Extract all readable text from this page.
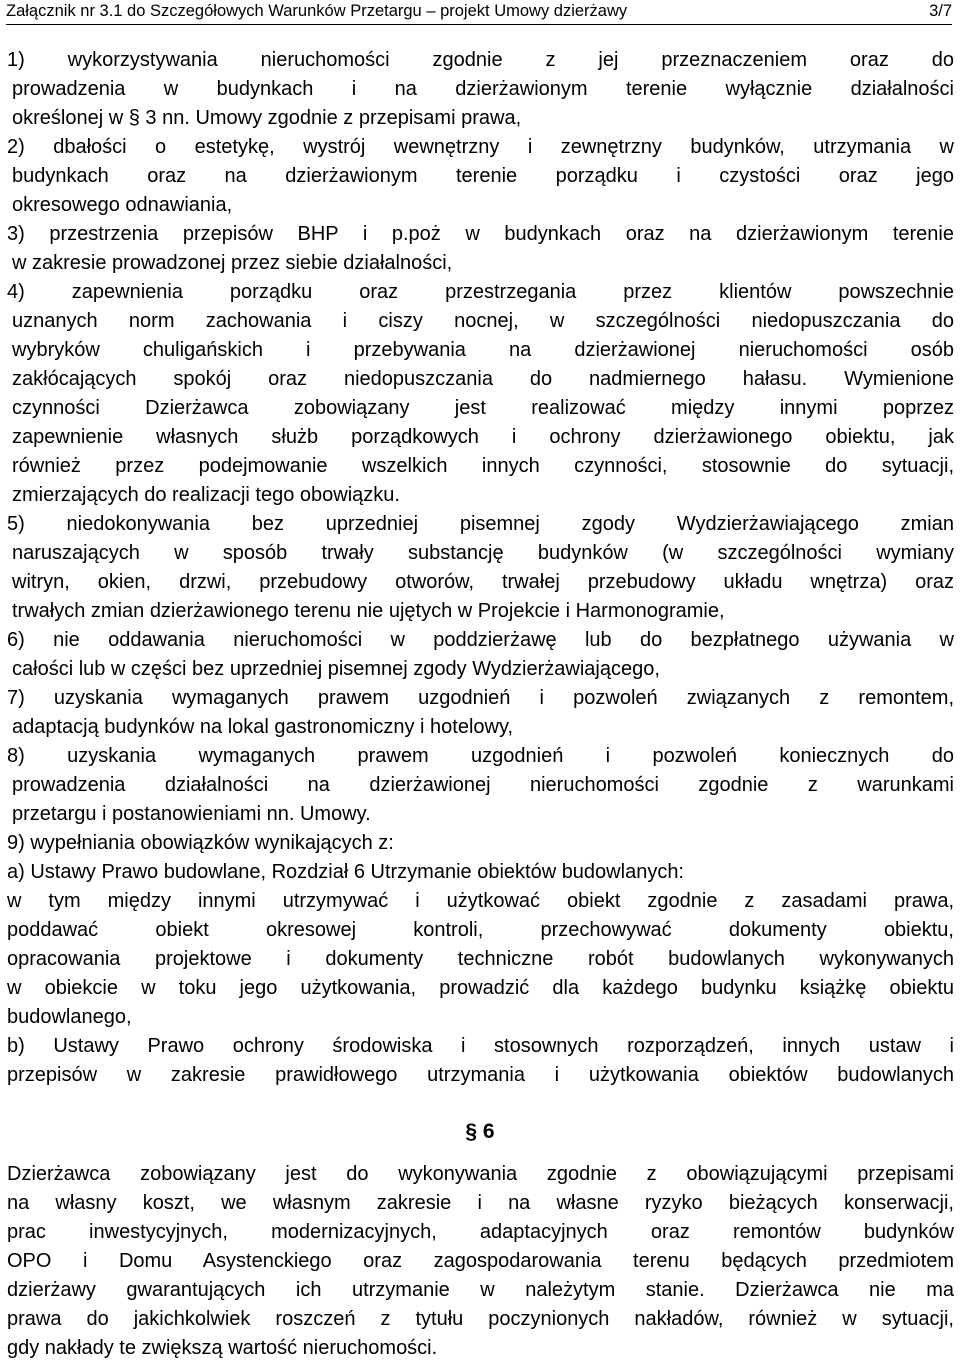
Załącznik nr 3.1 do Szczegółowych Warunków Przetargu – projekt Umowy dzierżawy	3/7
1) wykorzystywania nieruchomości zgodnie z jej przeznaczeniem oraz do
prowadzenia w budynkach i na dzierżawionym terenie wyłącznie działalności
określonej w § 3 nn. Umowy zgodnie z przepisami prawa,
2) dbałości o estetykę, wystrój wewnętrzny i zewnętrzny budynków, utrzymania w
budynkach oraz na dzierżawionym terenie porządku i czystości oraz jego
okresowego odnawiania,
3) przestrzenia przepisów BHP i p.poż w budynkach oraz na dzierżawionym terenie
w zakresie prowadzonej przez siebie działalności,
4) zapewnienia porządku oraz przestrzegania przez klientów powszechnie
uznanych norm zachowania i ciszy nocnej, w szczególności niedopuszczania do
wybryków chuligańskich i przebywania na dzierżawionej nieruchomości osób
zakłócających spokój oraz niedopuszczania do nadmiernego hałasu. Wymienione
czynności Dzierżawca zobowiązany jest realizować między innymi poprzez
zapewnienie własnych służb porządkowych i ochrony dzierżawionego obiektu, jak
również przez podejmowanie wszelkich innych czynności, stosownie do sytuacji,
zmierzających do realizacji tego obowiązku.
5) niedokonywania bez uprzedniej pisemnej zgody Wydzierżawiającego zmian
naruszających w sposób trwały substancję budynków (w szczególności wymiany
witryn, okien, drzwi, przebudowy otworów, trwałej przebudowy układu wnętrza) oraz
trwałych zmian dzierżawionego terenu nie ujętych w Projekcie i Harmonogramie,
6) nie oddawania nieruchomości w poddzierżawę lub do bezpłatnego używania w
całości lub w części bez uprzedniej pisemnej zgody Wydzierżawiającego,
7) uzyskania wymaganych prawem uzgodnień i pozwoleń związanych z remontem,
adaptacją budynków na lokal gastronomiczny i hotelowy,
8) uzyskania wymaganych prawem uzgodnień i pozwoleń koniecznych do
prowadzenia działalności na dzierżawionej nieruchomości zgodnie z warunkami
przetargu i postanowieniami nn. Umowy.
9) wypełniania obowiązków wynikających z:
a) Ustawy Prawo budowlane, Rozdział 6 Utrzymanie obiektów budowlanych:
w tym między innymi utrzymywać i użytkować obiekt zgodnie z zasadami prawa,
poddawać obiekt okresowej kontroli, przechowywać dokumenty obiektu,
opracowania projektowe i dokumenty techniczne robót budowlanych wykonywanych
w obiekcie w toku jego użytkowania, prowadzić dla każdego budynku książkę obiektu
budowlanego,
b) Ustawy Prawo ochrony środowiska i stosownych rozporządzeń, innych ustaw i
przepisów w zakresie prawidłowego utrzymania i użytkowania obiektów budowlanych
§ 6
Dzierżawca zobowiązany jest do wykonywania zgodnie z obowiązującymi przepisami
na własny koszt, we własnym zakresie i na własne ryzyko bieżących konserwacji,
prac inwestycyjnych, modernizacyjnych, adaptacyjnych oraz remontów budynków
OPO i Domu Asystenckiego oraz zagospodarowania terenu będących przedmiotem
dzierżawy gwarantujących ich utrzymanie w należytym stanie. Dzierżawca nie ma
prawa do jakichkolwiek roszczeń z tytułu poczynionych nakładów, również w sytuacji,
gdy nakłady te zwiększą wartość nieruchomości.
